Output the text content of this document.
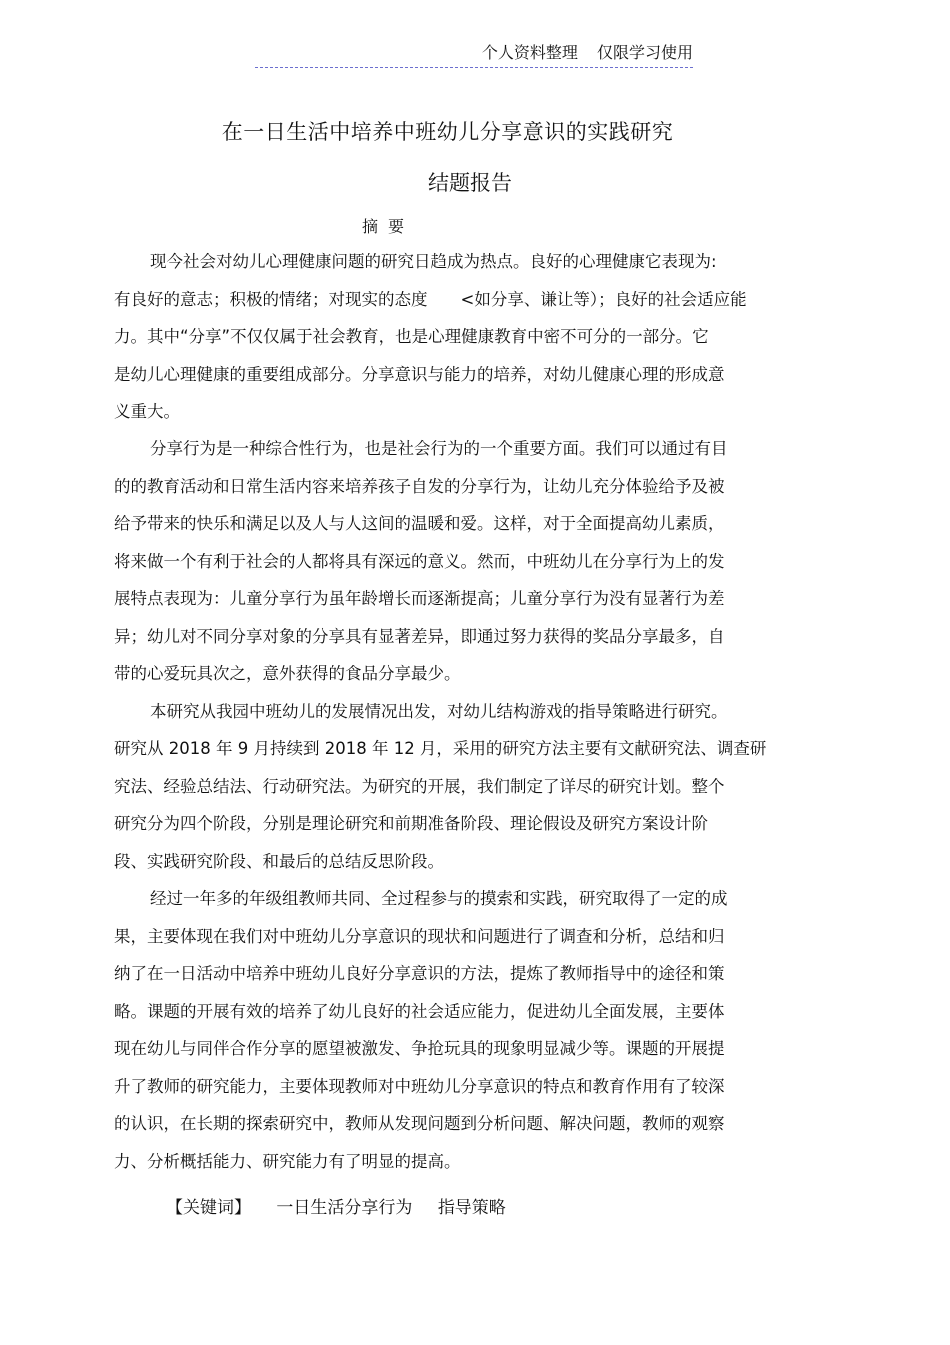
个人资料整理 仅限学习使用
在一日生活中培养中班幼儿分享意识的实践研究
结题报告
摘要
现今社会对幼儿心理健康问题的研究日趋成为热点。良好的心理健康它表现为:
有良好的意志；积极的情绪；对现实的态度　　<如分享、谦让等）；良好的社会适应能
力。其中“分享”不仅仅属于社会教育，也是心理健康教育中密不可分的一部分。它
是幼儿心理健康的重要组成部分。分享意识与能力的培养，对幼儿健康心理的形成意
义重大。
分享行为是一种综合性行为，也是社会行为的一个重要方面。我们可以通过有目
的的教育活动和日常生活内容来培养孩子自发的分享行为，让幼儿充分体验给予及被
给予带来的快乐和满足以及人与人这间的温暖和爱。这样，对于全面提高幼儿素质，
将来做一个有利于社会的人都将具有深远的意义。然而，中班幼儿在分享行为上的发
展特点表现为：儿童分享行为虽年龄增长而逐渐提高；儿童分享行为没有显著行为差
异；幼儿对不同分享对象的分享具有显著差异，即通过努力获得的奖品分享最多，自
带的心爱玩具次之，意外获得的食品分享最少。
本研究从我园中班幼儿的发展情况出发，对幼儿结构游戏的指导策略进行研究。
研究从 2018 年 9 月持续到 2018 年 12 月，采用的研究方法主要有文献研究法、调查研
究法、经验总结法、行动研究法。为研究的开展，我们制定了详尽的研究计划。整个
研究分为四个阶段，分别是理论研究和前期准备阶段、理论假设及研究方案设计阶
段、实践研究阶段、和最后的总结反思阶段。
经过一年多的年级组教师共同、全过程参与的摸索和实践，研究取得了一定的成
果，主要体现在我们对中班幼儿分享意识的现状和问题进行了调查和分析，总结和归
纳了在一日活动中培养中班幼儿良好分享意识的方法，提炼了教师指导中的途径和策
略。课题的开展有效的培养了幼儿良好的社会适应能力，促进幼儿全面发展，主要体
现在幼儿与同伴合作分享的愿望被激发、争抢玩具的现象明显减少等。课题的开展提
升了教师的研究能力，主要体现教师对中班幼儿分享意识的特点和教育作用有了较深
的认识，在长期的探索研究中，教师从发现问题到分析问题、解决问题，教师的观察
力、分析概括能力、研究能力有了明显的提高。
【关键词】 一日生活分享行为 指导策略
